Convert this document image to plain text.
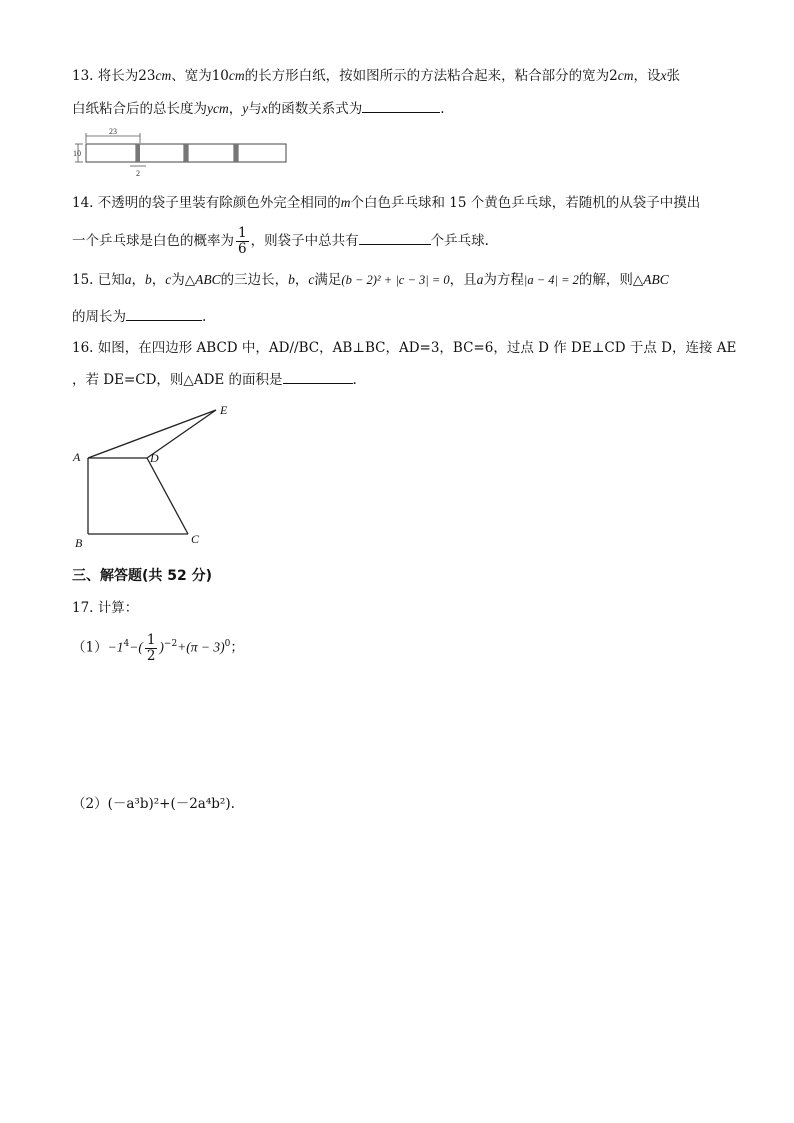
13. 将长为23cm、宽为10cm的长方形白纸，按如图所示的方法粘合起来，粘合部分的宽为2cm，设x张
白纸粘合后的总长度为ycm，y与x的函数关系式为	.
23
10
2
14. 不透明的袋子里装有除颜色外完全相同的m个白色乒乓球和 15 个黄色乒乓球，若随机的从袋子中摸出
一个乒乓球是白色的概率为 $\frac{1}{6}$ ，则袋子中总共有	个乒乓球.
15. 已知a，b，c为△ABC的三边长，b，c满足(b − 2)² + |c − 3| = 0，且a为方程|a − 4| = 2的解，则△ABC
的周长为	.
16. 如图，在四边形 ABCD 中，AD//BC，AB⊥BC，AD=3，BC=6，过点 D 作 DE⊥CD 于点 D，连接 AE
，若 DE=CD，则△ADE 的面积是	.
A	D
E
B	C
三、解答题(共 52 分)
17. 计算：
$(1)-1^4-( \frac{1}{2} )^{-2}+(\pi - 3)^0$；
（2）(－a³b)²+(－2a⁴b²).
